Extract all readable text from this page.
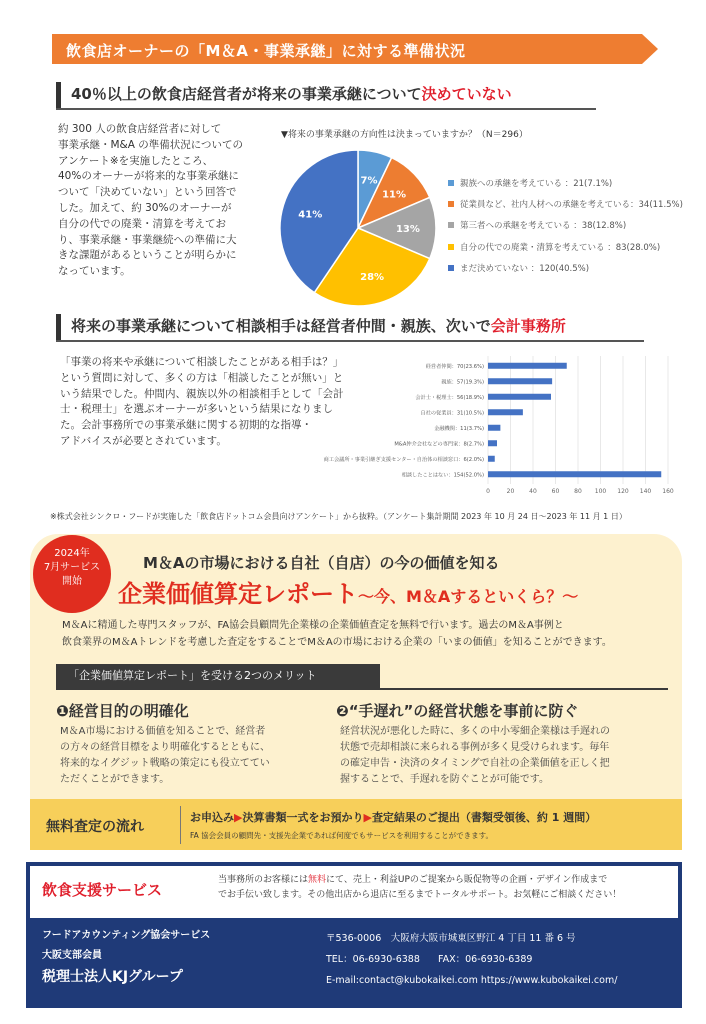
飲食店オーナーの「M＆A・事業承継」に対する準備状況
40％以上の飲食店経営者が将来の事業承継について決めていない
約 300 人の飲食店経営者に対して
事業承継・M&A の準備状況についての
アンケート※を実施したところ、
40%のオーナーが将来的な事業承継に
ついて「決めていない」という回答で
した。加えて、約 30%のオーナーが
自分の代での廃業・清算を考えてお
り、事業承継・事業継続への準備に大
きな課題があるということが明らかに
なっています。
▼将来の事業承継の方向性は決まっていますか？（N＝296）
7%
11%
13%
28%
41%
親族への承継を考えている ：21(7.1%)
従業員など、社内人材への承継を考えている：34(11.5%)
第三者への承継を考えている ：38(12.8%)
自分の代での廃業・清算を考えている ：83(28.0%)
まだ決めていない ：120(40.5%)
将来の事業承継について相談相手は経営者仲間・親族、次いで会計事務所
「事業の将来や承継について相談したことがある相手は？」
という質問に対して、多くの方は「相談したことが無い」と
いう結果でした。仲間内、親族以外の相談相手として「会計
士・税理士」を選ぶオーナーが多いという結果になりまし
た。会計事務所での事業承継に関する初期的な指導・
アドバイスが必要とされています。
0	20 40 60 80 100 120 140 160
経営者仲間：70(23.6%)
親族：57(19.3%)
会計士・税理士：56(18.9%)
自社の従業員：31(10.5%)
金融機関：11(3.7%)
M&A仲介会社などの専門家：8(2.7%)
商工会議所・事業引継ぎ支援センター・自治体の相談窓口：6(2.0%)
相談したことはない：154(52.0%)
※株式会社シンクロ・フードが実施した「飲食店ドットコム会員向けアンケート」から抜粋。（アンケート集計期間 2023 年 10 月 24 日～2023 年 11 月 1 日）
2024年
7月サービス
開始
M＆Aの市場における自社（自店）の今の価値を知る
企業価値算定レポート～今、M＆Aするといくら？～
M＆Aに精通した専門スタッフが、FA協会員顧問先企業様の企業価値査定を無料で行います。過去のM＆A事例と
飲食業界のM＆Aトレンドを考慮した査定をすることでM＆Aの市場における企業の「いまの価値」を知ることができます。
「企業価値算定レポート」を受ける2つのメリット
❶経営目的の明確化
M＆A市場における価値を知ることで、経営者
の方々の経営目標をより明確化するとともに、
将来的なイグジット戦略の策定にも役立ててい
ただくことができます。
❷“手遅れ”の経営状態を事前に防ぐ
経営状況が悪化した時に、多くの中小零細企業様は手遅れの
状態で売却相談に来られる事例が多く見受けられます。毎年
の確定申告・決済のタイミングで自社の企業価値を正しく把
握することで、手遅れを防ぐことが可能です。
無料査定の流れ
お申込み▶決算書類一式をお預かり▶査定結果のご提出（書類受領後、約 1 週間）
FA 協会会員の顧問先・支援先企業であれば何度でもサービスを利用することができます。
飲食支援サービス
当事務所のお客様には無料にて、売上・利益UPのご提案から販促物等の企画・デザイン作成まで
でお手伝い致します。その他出店から退店に至るまでトータルサポート。お気軽にご相談ください！
フードアカウンティング協会サービス
大阪支部会員
税理士法人KJグループ
〒536-0006　大阪府大阪市城東区野江 4 丁目 11 番 6 号
TEL：06-6930-6388 FAX：06-6930-6389
E-mail:contact@kubokaikei.com https://www.kubokaikei.com/
